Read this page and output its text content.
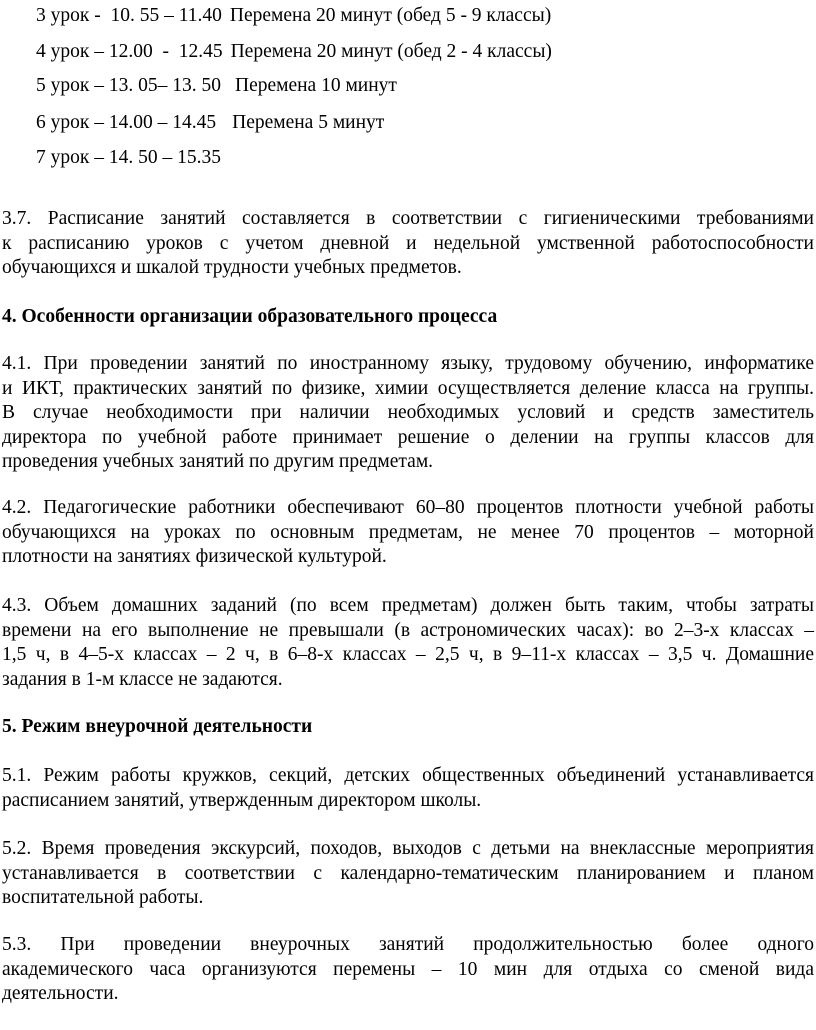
3 урок -  10. 55 – 11.40 Перемена 20 минут (обед 5 - 9 классы)
4 урок – 12.00  -  12.45 Перемена 20 минут (обед 2 - 4 классы)
5 урок – 13. 05– 13. 50 Перемена 10 минут
6 урок – 14.00 – 14.45 Перемена 5 минут
7 урок – 14. 50 – 15.35
3.7. Расписание занятий составляется в соответствии с гигиеническими требованиями
к расписанию уроков с учетом дневной и недельной умственной работоспособности
обучающихся и шкалой трудности учебных предметов.
4. Особенности организации образовательного процесса
4.1. При проведении занятий по иностранному языку, трудовому обучению, информатике
и ИКТ, практических занятий по физике, химии осуществляется деление класса на группы.
В случае необходимости при наличии необходимых условий и средств заместитель
директора по учебной работе принимает решение о делении на группы классов для
проведения учебных занятий по другим предметам.
4.2. Педагогические работники обеспечивают 60–80 процентов плотности учебной работы
обучающихся на уроках по основным предметам, не менее 70 процентов – моторной
плотности на занятиях физической культурой.
4.3. Объем домашних заданий (по всем предметам) должен быть таким, чтобы затраты
времени на его выполнение не превышали (в астрономических часах): во 2–3-х классах –
1,5 ч, в 4–5-х классах – 2 ч, в 6–8-х классах – 2,5 ч, в 9–11-х классах – 3,5 ч. Домашние
задания в 1-м классе не задаются.
5. Режим внеурочной деятельности
5.1. Режим работы кружков, секций, детских общественных объединений устанавливается
расписанием занятий, утвержденным директором школы.
5.2. Время проведения экскурсий, походов, выходов с детьми на внеклассные мероприятия
устанавливается в соответствии с календарно-тематическим планированием и планом
воспитательной работы.
5.3. При проведении внеурочных занятий продолжительностью более одного
академического часа организуются перемены – 10 мин для отдыха со сменой вида
деятельности.
